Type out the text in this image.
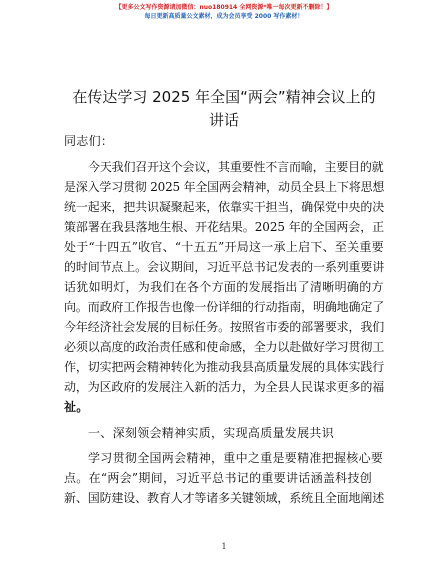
【更多公文写作资源请加微信：nuo180914 全网资源*唯一每次更新不删除！】
每日更新高质量公文素材，成为会员享受 2000 写作素材！
在传达学习 2025 年全国“两会”精神会议上的
讲话
同志们：
今天我们召开这个会议，其重要性不言而喻，主要目的就
是深入学习贯彻 2025 年全国两会精神，动员全县上下将思想
统一起来，把共识凝聚起来，依靠实干担当，确保党中央的决
策部署在我县落地生根、开花结果。2025 年的全国两会，正
处于“十四五”收官、“十五五”开局这一承上启下、至关重要
的时间节点上。会议期间，习近平总书记发表的一系列重要讲
话犹如明灯，为我们在各个方面的发展指出了清晰明确的方
向。而政府工作报告也像一份详细的行动指南，明确地确定了
今年经济社会发展的目标任务。按照省市委的部署要求，我们
必须以高度的政治责任感和使命感，全力以赴做好学习贯彻工
作，切实把两会精神转化为推动我县高质量发展的具体实践行
动，为区政府的发展注入新的活力，为全县人民谋求更多的福
祉。
一、深刻领会精神实质，实现高质量发展共识
学习贯彻全国两会精神，重中之重是要精准把握核心要
点。在“两会”期间，习近平总书记的重要讲话涵盖科技创
新、国防建设、教育人才等诸多关键领域，系统且全面地阐述
1
